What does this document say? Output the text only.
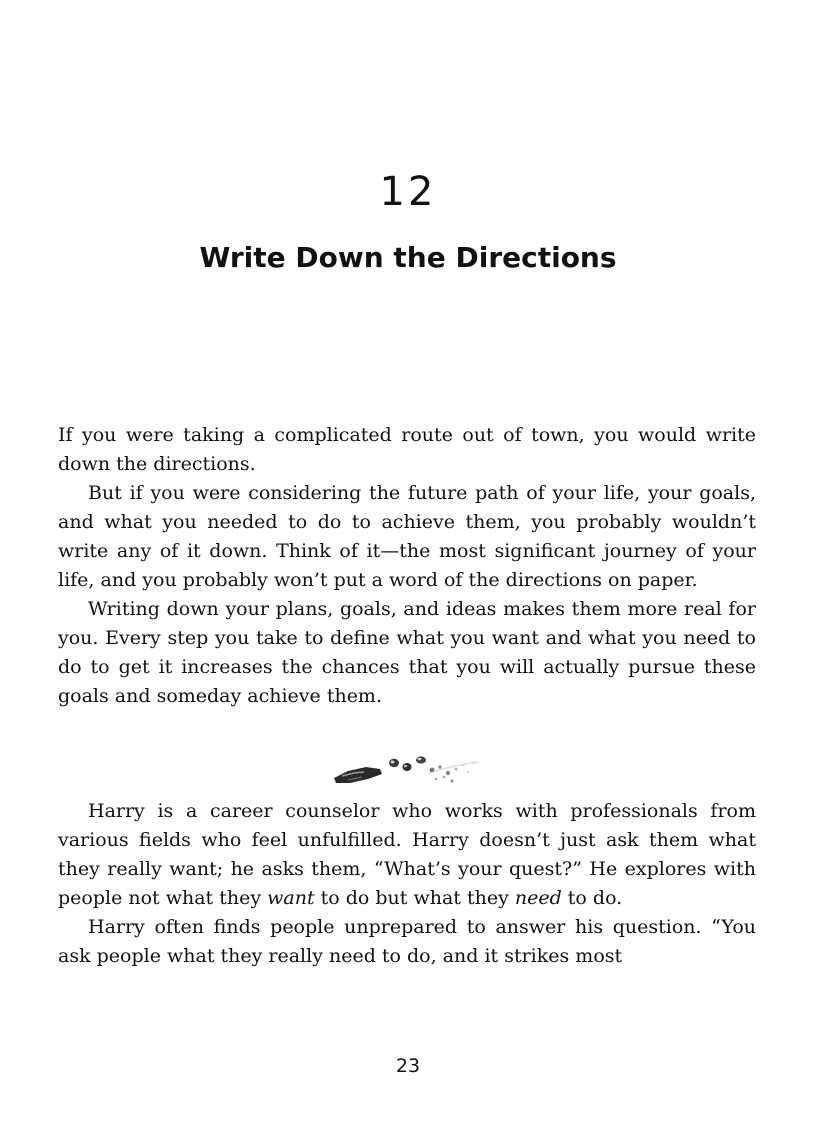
12
Write Down the Directions

If you were taking a complicated route out of town, you would write down the directions.

But if you were considering the future path of your life, your goals, and what you needed to do to achieve them, you probably wouldn’t write any of it down. Think of it—the most significant journey of your life, and you probably won’t put a word of the directions on paper.

Writing down your plans, goals, and ideas makes them more real for you. Every step you take to define what you want and what you need to do to get it increases the chances that you will actually pursue these goals and someday achieve them.

Harry is a career counselor who works with professionals from various fields who feel unfulfilled. Harry doesn’t just ask them what they really want; he asks them, “What’s your quest?” He explores with people not what they want to do but what they need to do.

Harry often finds people unprepared to answer his question. “You ask people what they really need to do, and it strikes most

23
